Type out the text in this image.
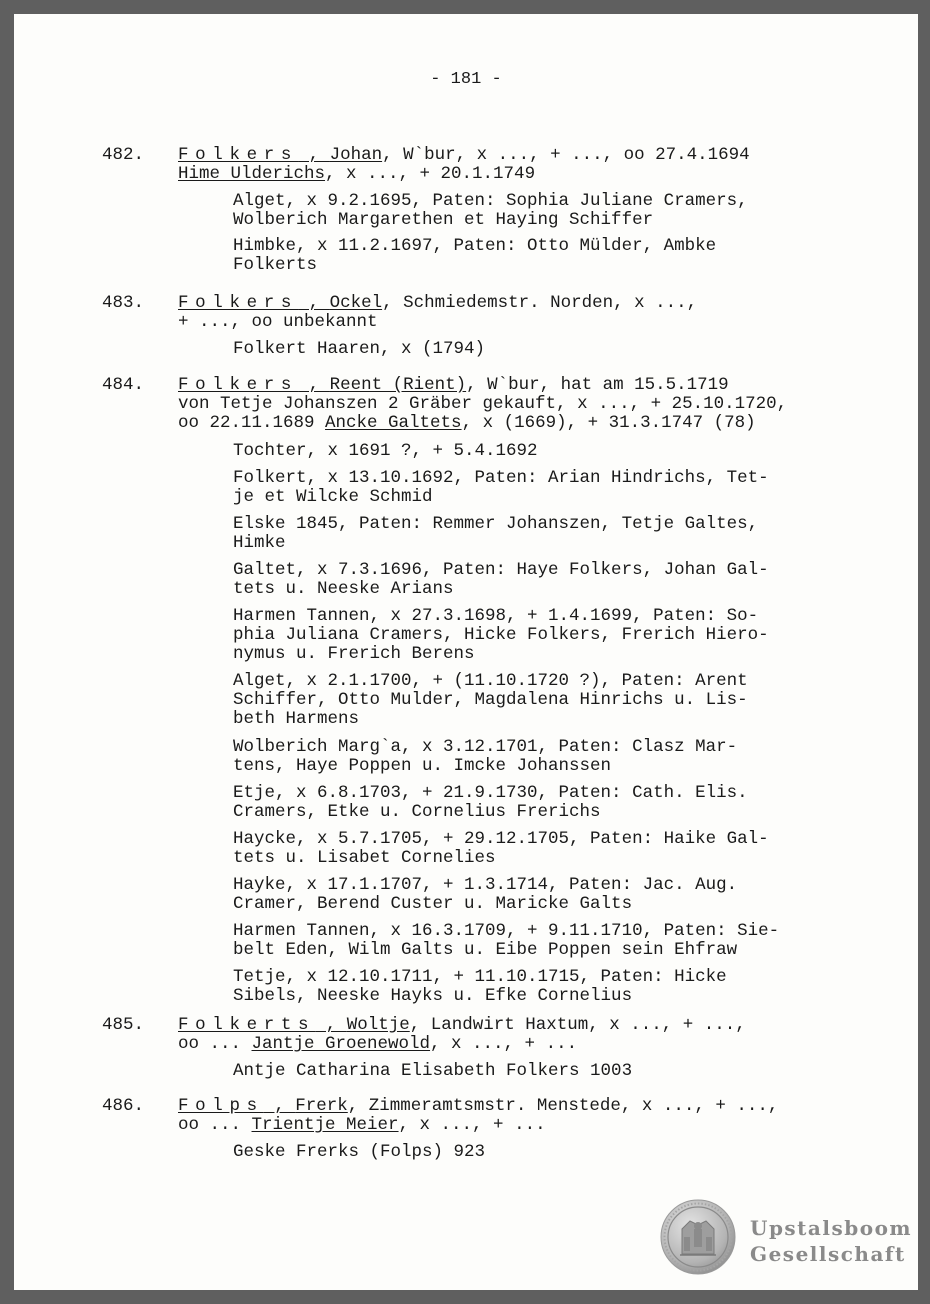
- 181 -
482. Folkers , Johan, W`bur, x ..., + ..., oo 27.4.1694
Hime Ulderichs, x ..., + 20.1.1749
Alget, x 9.2.1695, Paten: Sophia Juliane Cramers,
Wolberich Margarethen et Haying Schiffer
Himbke, x 11.2.1697, Paten: Otto Mülder, Ambke
Folkerts
483. Folkers , Ockel, Schmiedemstr. Norden, x ...,
+ ..., oo unbekannt
Folkert Haaren, x (1794)
484. Folkers , Reent (Rient), W`bur, hat am 15.5.1719
von Tetje Johanszen 2 Gräber gekauft, x ..., + 25.10.1720,
oo 22.11.1689 Ancke Galtets, x (1669), + 31.3.1747 (78)
Tochter, x 1691 ?, + 5.4.1692
Folkert, x 13.10.1692, Paten: Arian Hindrichs, Tet-
je et Wilcke Schmid
Elske 1845, Paten: Remmer Johanszen, Tetje Galtes,
Himke
Galtet, x 7.3.1696, Paten: Haye Folkers, Johan Gal-
tets u. Neeske Arians
Harmen Tannen, x 27.3.1698, + 1.4.1699, Paten: So-
phia Juliana Cramers, Hicke Folkers, Frerich Hiero-
nymus u. Frerich Berens
Alget, x 2.1.1700, + (11.10.1720 ?), Paten: Arent
Schiffer, Otto Mulder, Magdalena Hinrichs u. Lis-
beth Harmens
Wolberich Marg`a, x 3.12.1701, Paten: Clasz Mar-
tens, Haye Poppen u. Imcke Johanssen
Etje, x 6.8.1703, + 21.9.1730, Paten: Cath. Elis.
Cramers, Etke u. Cornelius Frerichs
Haycke, x 5.7.1705, + 29.12.1705, Paten: Haike Gal-
tets u. Lisabet Cornelies
Hayke, x 17.1.1707, + 1.3.1714, Paten: Jac. Aug.
Cramer, Berend Custer u. Maricke Galts
Harmen Tannen, x 16.3.1709, + 9.11.1710, Paten: Sie-
belt Eden, Wilm Galts u. Eibe Poppen sein Ehfraw
Tetje, x 12.10.1711, + 11.10.1715, Paten: Hicke
Sibels, Neeske Hayks u. Efke Cornelius
485. Folkerts , Woltje, Landwirt Haxtum, x ..., + ...,
oo ... Jantje Groenewold, x ..., + ...
Antje Catharina Elisabeth Folkers 1003
486. Folps , Frerk, Zimmeramtsmstr. Menstede, x ..., + ...,
oo ... Trientje Meier, x ..., + ...
Geske Frerks (Folps) 923
Upstalsboom
Gesellschaft
